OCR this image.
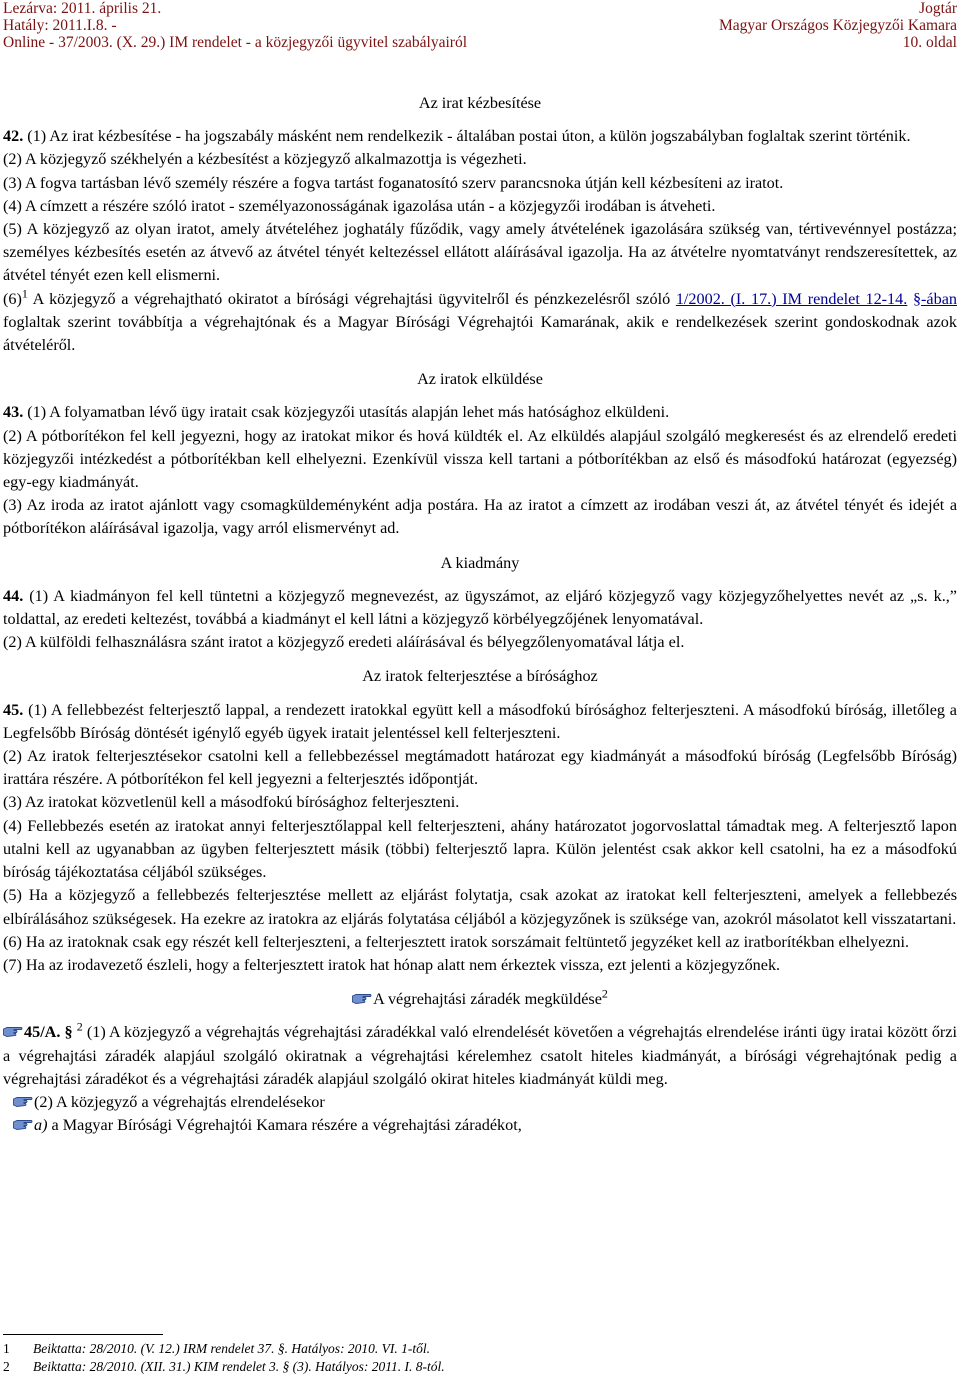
Lezárva: 2011. április 21.
Hatály: 2011.I.8. -
Online - 37/2003. (X. 29.) IM rendelet - a közjegyzői ügyvitel szabályairól
Jogtár
Magyar Országos Közjegyzői Kamara
10. oldal

Az irat kézbesítése

42. (1) Az irat kézbesítése - ha jogszabály másként nem rendelkezik - általában postai úton, a külön jogszabályban foglaltak szerint történik.

(2) A közjegyző székhelyén a kézbesítést a közjegyző alkalmazottja is végezheti.

(3) A fogva tartásban lévő személy részére a fogva tartást foganatosító szerv parancsnoka útján kell kézbesíteni az iratot.

(4) A címzett a részére szóló iratot - személyazonosságának igazolása után - a közjegyzői irodában is átveheti.

(5) A közjegyző az olyan iratot, amely átvételéhez joghatály fűződik, vagy amely átvételének igazolására szükség van, tértivevénnyel postázza; személyes kézbesítés esetén az átvevő az átvétel tényét keltezéssel ellátott aláírásával igazolja. Ha az átvételre nyomtatványt rendszeresítettek, az átvétel tényét ezen kell elismerni.

$(6)^1$ A közjegyző a végrehajtható okiratot a bírósági végrehajtási ügyvitelről és pénzkezelésről szóló 1/2002. (I. 17.) IM rendelet 12-14. §-ában foglaltak szerint továbbítja a végrehajtónak és a Magyar Bírósági Végrehajtói Kamarának, akik e rendelkezések szerint gondoskodnak azok átvételéről.

Az iratok elküldése

43. (1) A folyamatban lévő ügy iratait csak közjegyzői utasítás alapján lehet más hatósághoz elküldeni.

(2) A pótborítékon fel kell jegyezni, hogy az iratokat mikor és hová küldték el. Az elküldés alapjául szolgáló megkeresést és az elrendelő eredeti közjegyzői intézkedést a pótborítékban kell elhelyezni. Ezenkívül vissza kell tartani a pótborítékban az első és másodfokú határozat (egyezség) egy-egy kiadmányát.

(3) Az iroda az iratot ajánlott vagy csomagküldeményként adja postára. Ha az iratot a címzett az irodában veszi át, az átvétel tényét és idejét a pótborítékon aláírásával igazolja, vagy arról elismervényt ad.

A kiadmány

44. (1) A kiadmányon fel kell tüntetni a közjegyző megnevezést, az ügyszámot, az eljáró közjegyző vagy közjegyzőhelyettes nevét az „s. k.,” toldattal, az eredeti keltezést, továbbá a kiadmányt el kell látni a közjegyző körbélyegzőjének lenyomatával.

(2) A külföldi felhasználásra szánt iratot a közjegyző eredeti aláírásával és bélyegzőlenyomatával látja el.

Az iratok felterjesztése a bírósághoz

45. (1) A fellebbezést felterjesztő lappal, a rendezett iratokkal együtt kell a másodfokú bírósághoz felterjeszteni. A másodfokú bíróság, illetőleg a Legfelsőbb Bíróság döntését igénylő egyéb ügyek iratait jelentéssel kell felterjeszteni.

(2) Az iratok felterjesztésekor csatolni kell a fellebbezéssel megtámadott határozat egy kiadmányát a másodfokú bíróság (Legfelsőbb Bíróság) irattára részére. A pótborítékon fel kell jegyezni a felterjesztés időpontját.

(3) Az iratokat közvetlenül kell a másodfokú bírósághoz felterjeszteni.

(4) Fellebbezés esetén az iratokat annyi felterjesztőlappal kell felterjeszteni, ahány határozatot jogorvoslattal támadtak meg. A felterjesztő lapon utalni kell az ugyanabban az ügyben felterjesztett másik (többi) felterjesztő lapra. Külön jelentést csak akkor kell csatolni, ha ez a másodfokú bíróság tájékoztatása céljából szükséges.

(5) Ha a közjegyző a fellebbezés felterjesztése mellett az eljárást folytatja, csak azokat az iratokat kell felterjeszteni, amelyek a fellebbezés elbírálásához szükségesek. Ha ezekre az iratokra az eljárás folytatása céljából a közjegyzőnek is szüksége van, azokról másolatot kell visszatartani.

(6) Ha az iratoknak csak egy részét kell felterjeszteni, a felterjesztett iratok sorszámait feltüntető jegyzéket kell az iratborítékban elhelyezni.

(7) Ha az irodavezető észleli, hogy a felterjesztett iratok hat hónap alatt nem érkeztek vissza, ezt jelenti a közjegyzőnek.

A végrehajtási záradék megküldése$^2$

45/A. § $^2$ (1) A közjegyző a végrehajtás végrehajtási záradékkal való elrendelését követően a végrehajtás elrendelése iránti ügy iratai között őrzi a végrehajtási záradék alapjául szolgáló okiratnak a végrehajtási kérelemhez csatolt hiteles kiadmányát, a bírósági végrehajtónak pedig a végrehajtási záradékot és a végrehajtási záradék alapjául szolgáló okirat hiteles kiadmányát küldi meg.

(2) A közjegyző a végrehajtás elrendelésekor

a) a Magyar Bírósági Végrehajtói Kamara részére a végrehajtási záradékot,

1	Beiktatta: 28/2010. (V. 12.) IRM rendelet 37. §. Hatályos: 2010. VI. 1-től.
2	Beiktatta: 28/2010. (XII. 31.) KIM rendelet 3. § (3). Hatályos: 2011. I. 8-tól.
